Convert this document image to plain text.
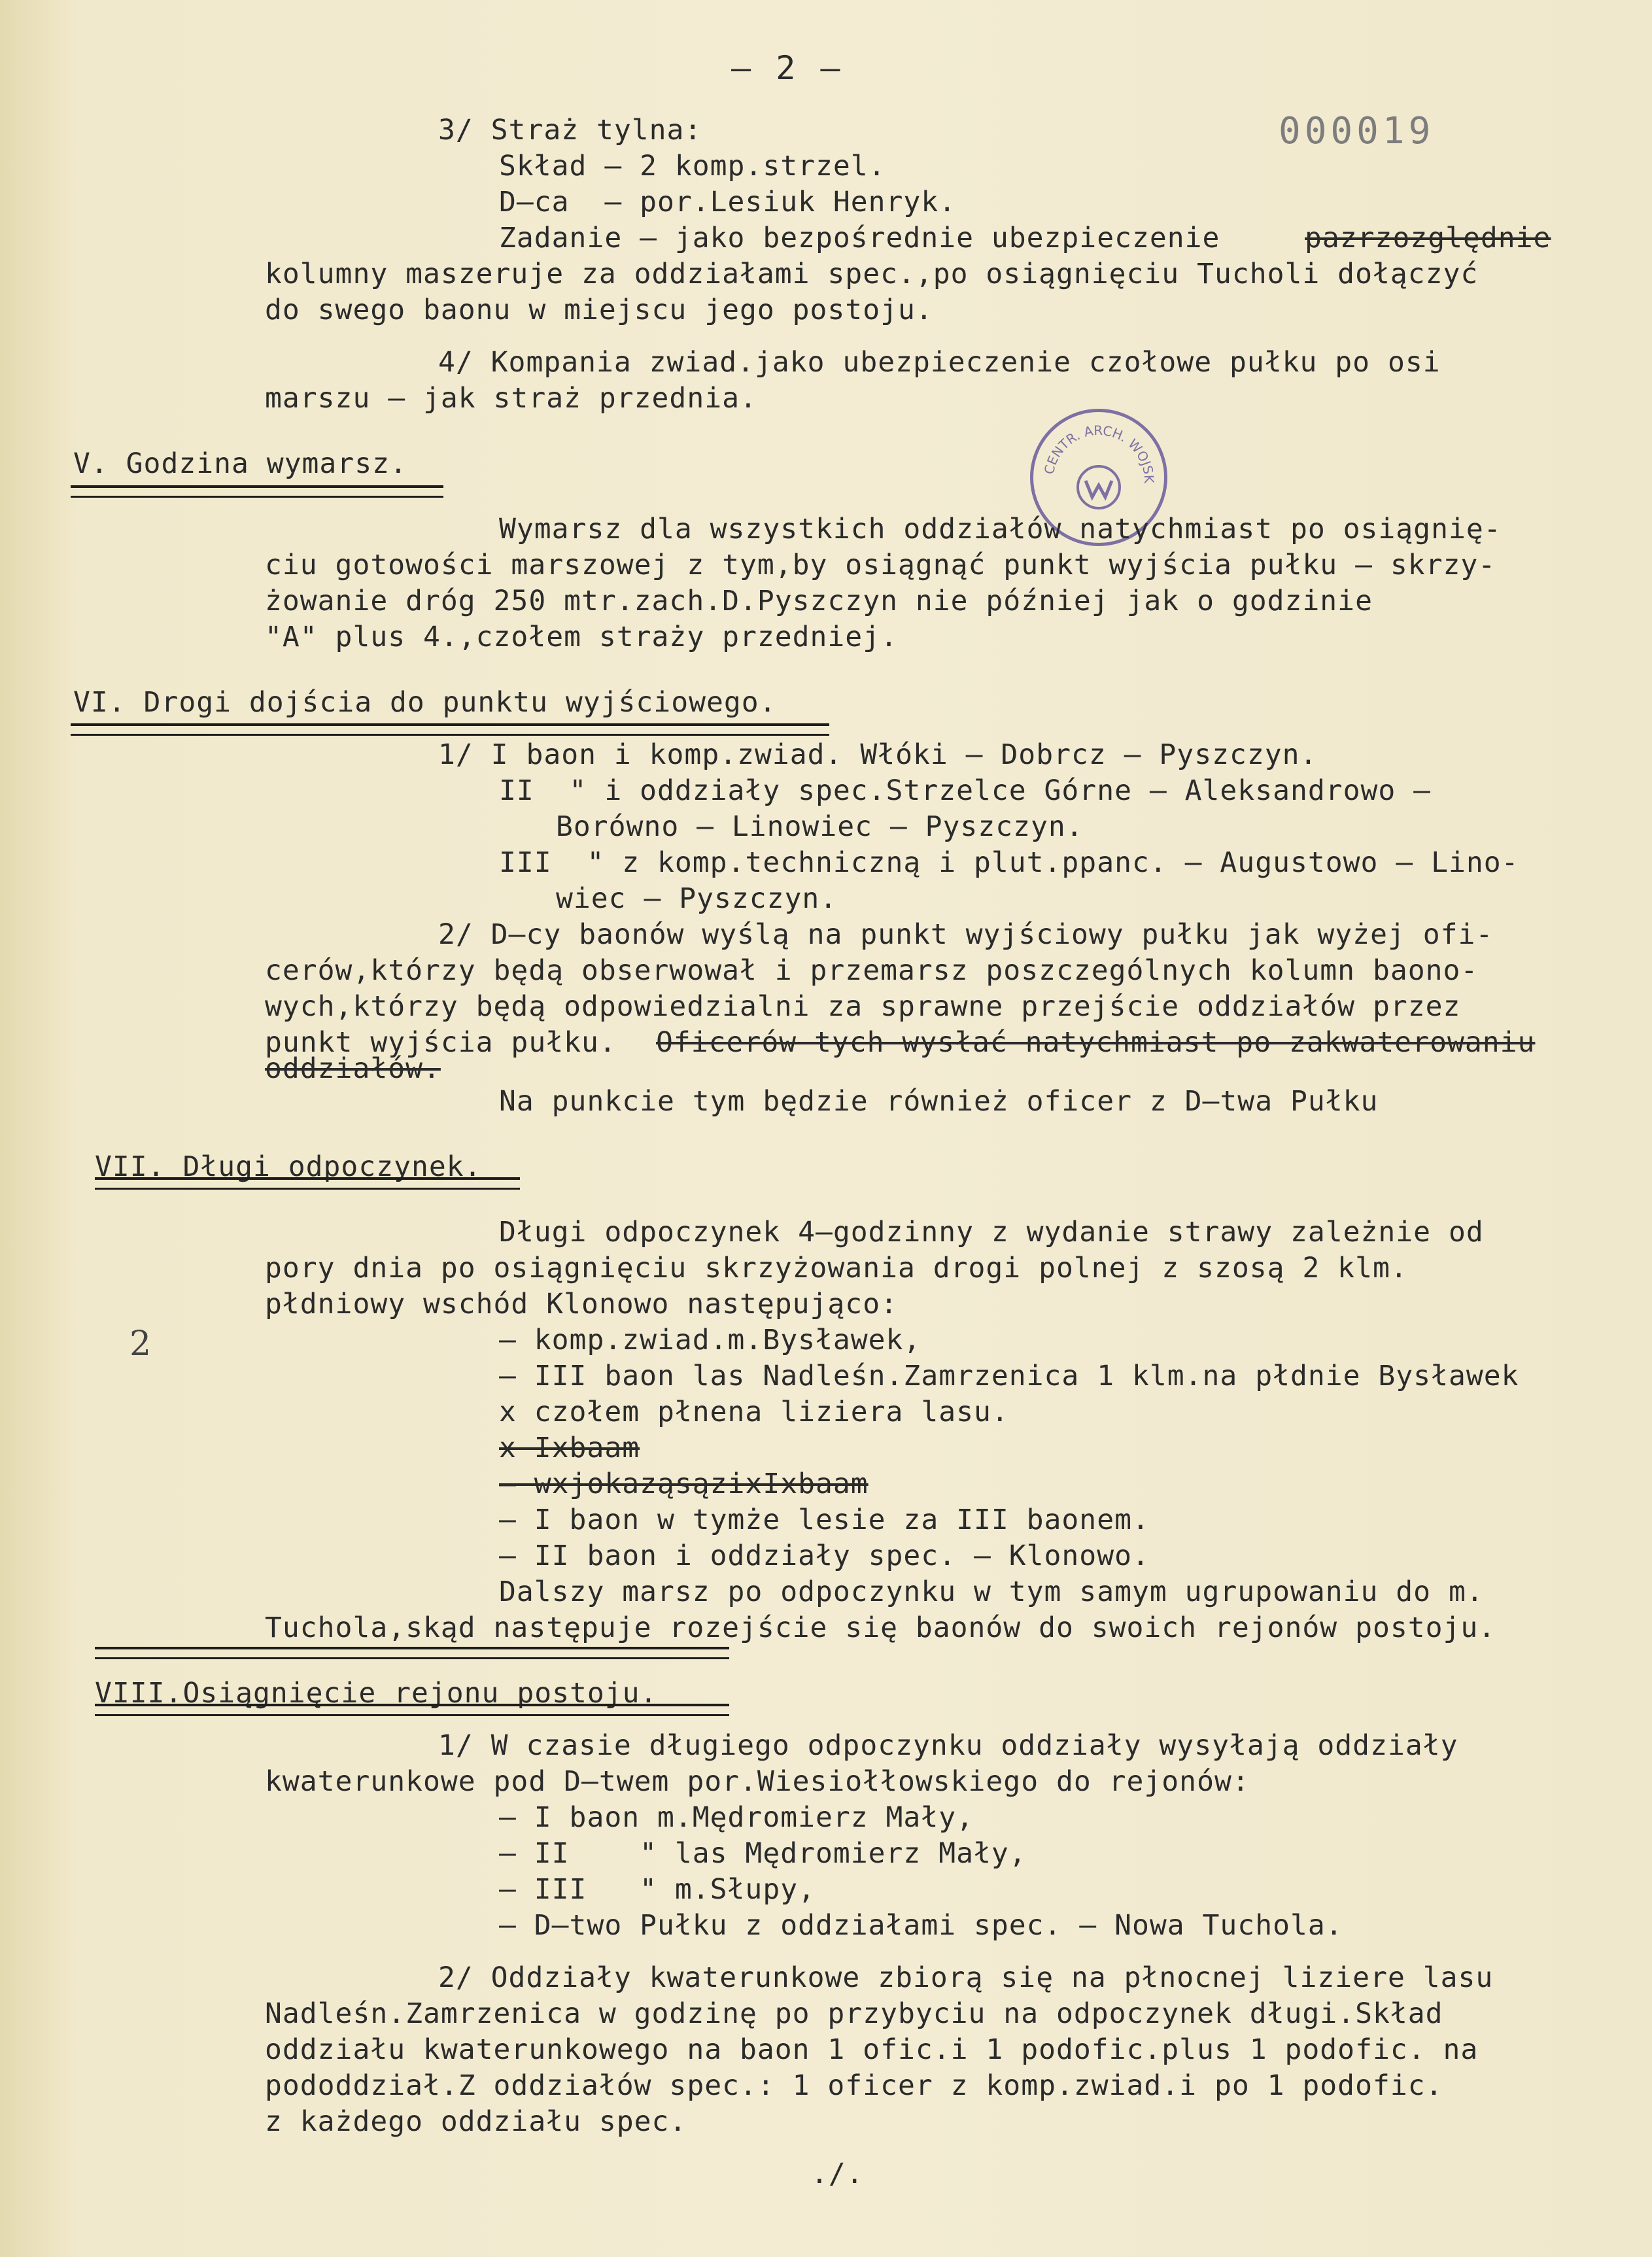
– 2 –
000019
CENTR. ARCH. WOJSK
2
3/ Straż tylna:
Skład – 2 komp.strzel.
D–ca  – por.Lesiuk Henryk.
Zadanie – jako bezpośrednie ubezpieczenie	pazrzozględnie
kolumny maszeruje za oddziałami spec.,po osiągnięciu Tucholi dołączyć
do swego baonu w miejscu jego postoju.
4/ Kompania zwiad.jako ubezpieczenie czołowe pułku po osi
marszu – jak straż przednia.
V. Godzina wymarsz.
Wymarsz dla wszystkich oddziałów natychmiast po osiągnię-
ciu gotowości marszowej z tym,by osiągnąć punkt wyjścia pułku – skrzy-
żowanie dróg 250 mtr.zach.D.Pyszczyn nie później jak o godzinie
"A" plus 4.,czołem straży przedniej.
VI. Drogi dojścia do punktu wyjściowego.
1/ I baon i komp.zwiad. Włóki – Dobrcz – Pyszczyn.
II  " i oddziały spec.Strzelce Górne – Aleksandrowo –
Borówno – Linowiec – Pyszczyn.
III  " z komp.techniczną i plut.ppanc. – Augustowo – Lino-
wiec – Pyszczyn.
2/ D–cy baonów wyślą na punkt wyjściowy pułku jak wyżej ofi-
cerów,którzy będą obserwował i przemarsz poszczególnych kolumn baono-
wych,którzy będą odpowiedzialni za sprawne przejście oddziałów przez
punkt wyjścia pułku. Oficerów tych wysłać natychmiast po zakwaterowaniu
oddziałów.
Na punkcie tym będzie również oficer z D–twa Pułku
VII. Długi odpoczynek.
Długi odpoczynek 4–godzinny z wydanie strawy zależnie od
pory dnia po osiągnięciu skrzyżowania drogi polnej z szosą 2 klm.
płdniowy wschód Klonowo następująco:
– komp.zwiad.m.Bysławek,
– III baon las Nadleśn.Zamrzenica 1 klm.na płdnie Bysławek
x czołem płnena liziera lasu.
x Ixbaam
– wxjokaząsązixIxbaam
– I baon w tymże lesie za III baonem.
– II baon i oddziały spec. – Klonowo.
Dalszy marsz po odpoczynku w tym samym ugrupowaniu do m.
Tuchola,skąd następuje rozejście się baonów do swoich rejonów postoju.
VIII.Osiągnięcie rejonu postoju.
1/ W czasie długiego odpoczynku oddziały wysyłają oddziały
kwaterunkowe pod D–twem por.Wiesiołłowskiego do rejonów:
– I baon m.Mędromierz Mały,
– II    " las Mędromierz Mały,
– III   " m.Słupy,
– D–two Pułku z oddziałami spec. – Nowa Tuchola.
2/ Oddziały kwaterunkowe zbiorą się na płnocnej liziere lasu
Nadleśn.Zamrzenica w godzinę po przybyciu na odpoczynek długi.Skład
oddziału kwaterunkowego na baon 1 ofic.i 1 podofic.plus 1 podofic. na
pododdział.Z oddziałów spec.: 1 oficer z komp.zwiad.i po 1 podofic.
z każdego oddziału spec.
./.
